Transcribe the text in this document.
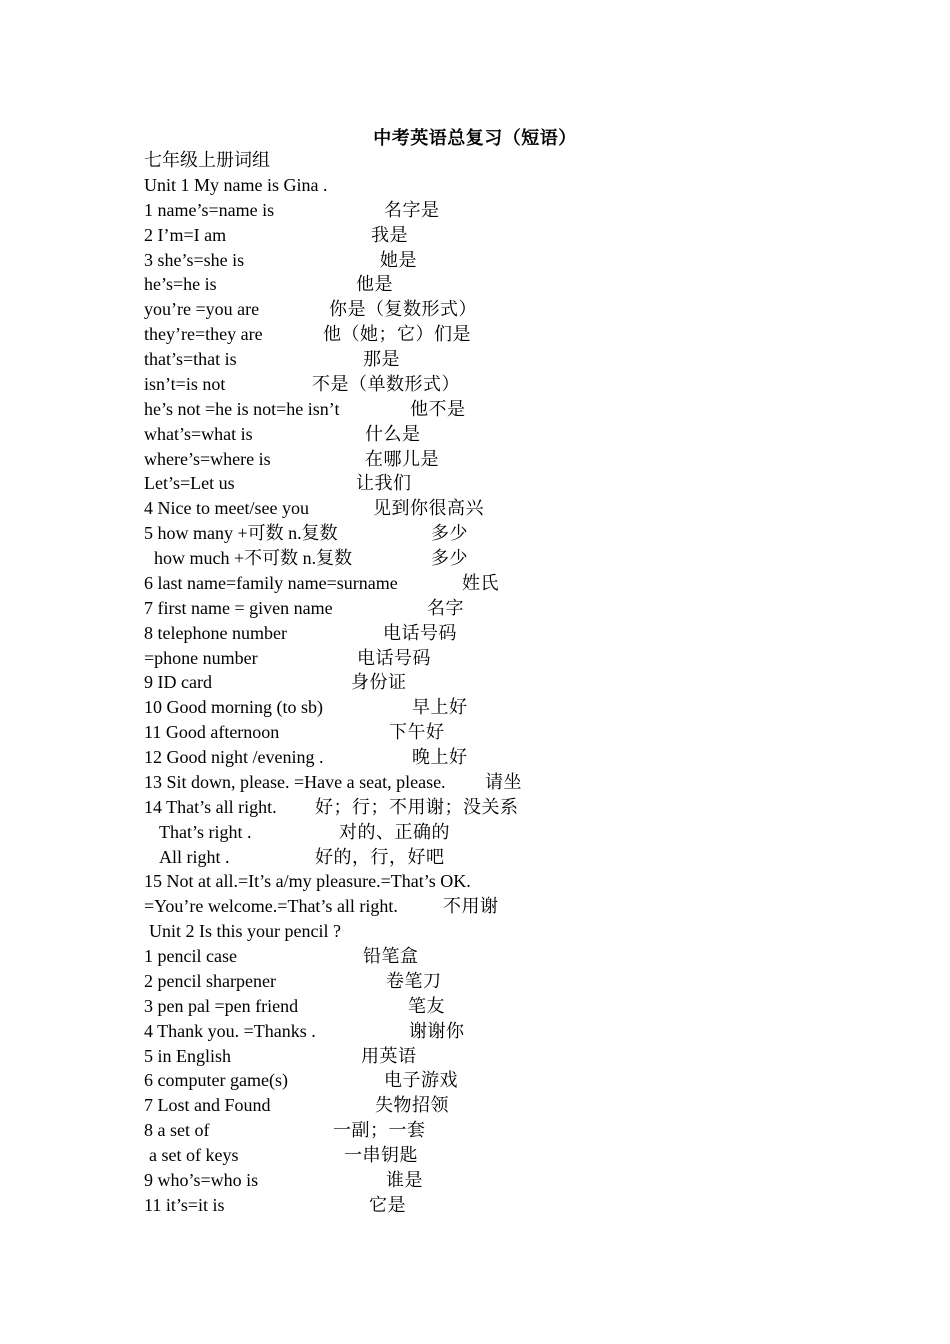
中考英语总复习（短语）
七年级上册词组
Unit 1 My name is Gina .
1 name’s=name is	名字是
2 I’m=I am	我是
3 she’s=she is	她是
he’s=he is	他是
you’re =you are	你是（复数形式）
they’re=they are	他（她；它）们是
that’s=that is	那是
isn’t=is not	不是（单数形式）
he’s not =he is not=he isn’t	他不是
what’s=what is	什么是
where’s=where is	在哪儿是
Let’s=Let us	让我们
4 Nice to meet/see you	见到你很高兴
5 how many +可数 n.复数	多少
how much +不可数 n.复数	多少
6 last name=family name=surname	姓氏
7 first name = given name	名字
8 telephone number	电话号码
=phone number	电话号码
9 ID card	身份证
10 Good morning (to sb)	早上好
11 Good afternoon	下午好
12 Good night /evening .	晚上好
13 Sit down, please. =Have a seat, please. 请坐
14 That’s all right. 好；行；不用谢；没关系
That’s right .	对的、正确的
All right .	好的，行，好吧
15 Not at all.=It’s a/my pleasure.=That’s OK.
=You’re welcome.=That’s all right.	不用谢
Unit 2 Is this your pencil ?
1 pencil case	铅笔盒
2 pencil sharpener	卷笔刀
3 pen pal =pen friend	笔友
4 Thank you. =Thanks .	谢谢你
5 in English	用英语
6 computer game(s)	电子游戏
7 Lost and Found	失物招领
8 a set of	一副；一套
a set of keys	一串钥匙
9 who’s=who is	谁是
11 it’s=it is	它是
